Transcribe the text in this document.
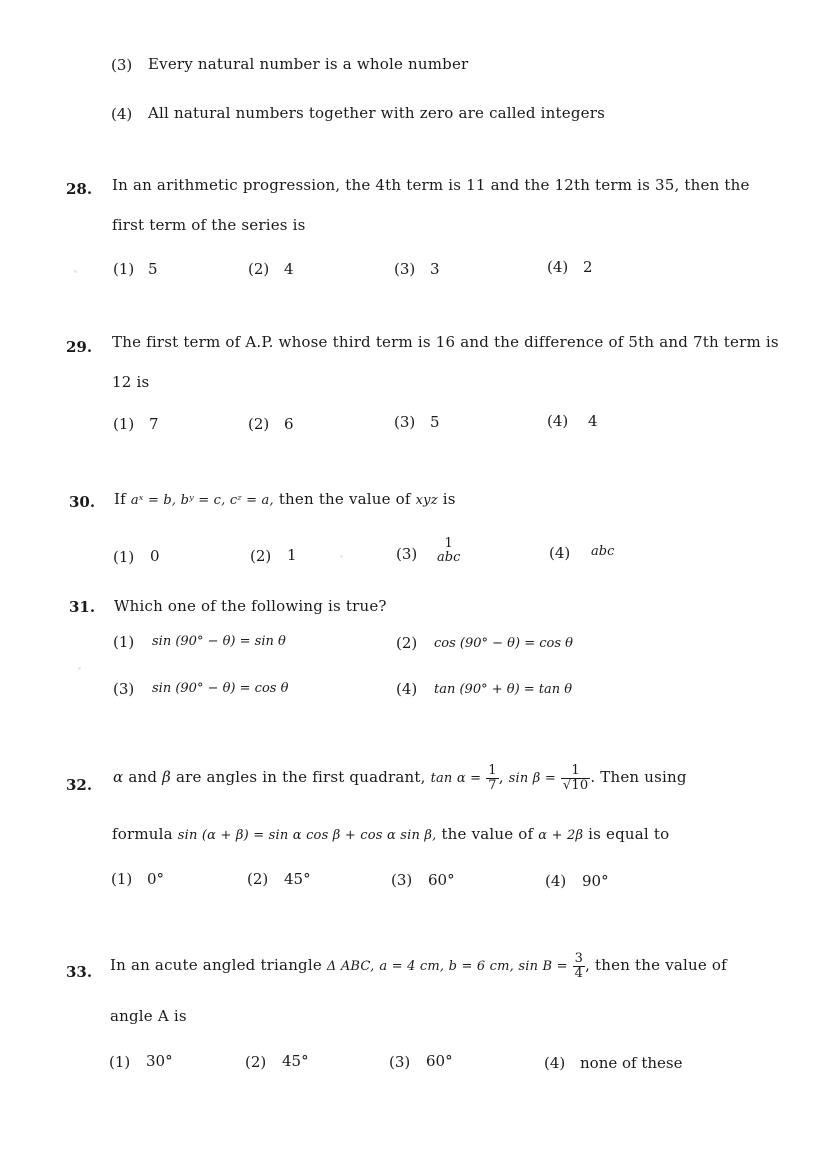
(3) Every natural number is a whole number
(4) All natural numbers together with zero are called integers
28. In an arithmetic progression, the 4th term is 11 and the 12th term is 35, then the
first term of the series is
(1) 5	(2) 4	(3) 3	(4) 2
29. The first term of A.P. whose third term is 16 and the difference of 5th and 7th term is
12 is
(1) 7	(2) 6	(3) 5	(4) 4
30. If aˣ = b, bʸ = c, cᶻ = a, then the value of xyz is
(1) 0	(2) 1	(3)
1
abc	(4) abc
31. Which one of the following is true?
(1) sin (90° − θ) = sin θ	(2) cos (90° − θ) = cos θ
(3) sin (90° − θ) = cos θ	(4) tan (90° + θ) = tan θ
32. α and β are angles in the first quadrant, $\tan \alpha = \frac{1}{7}$ , $\sin \beta = \frac{1}{√10}$ . Then using
formula sin (α + β) = sin α cos β + cos α sin β, the value of α + 2β is equal to
(1) 0°	(2) 45°	(3) 60°	(4) 90°
33. In an acute angled triangle Δ ABC, a = 4 cm, b = 6 cm, $\sin B = \frac{3}{4}$ , then the value of
angle A is
(1) 30°	(2) 45°	(3) 60°	(4) none of these
